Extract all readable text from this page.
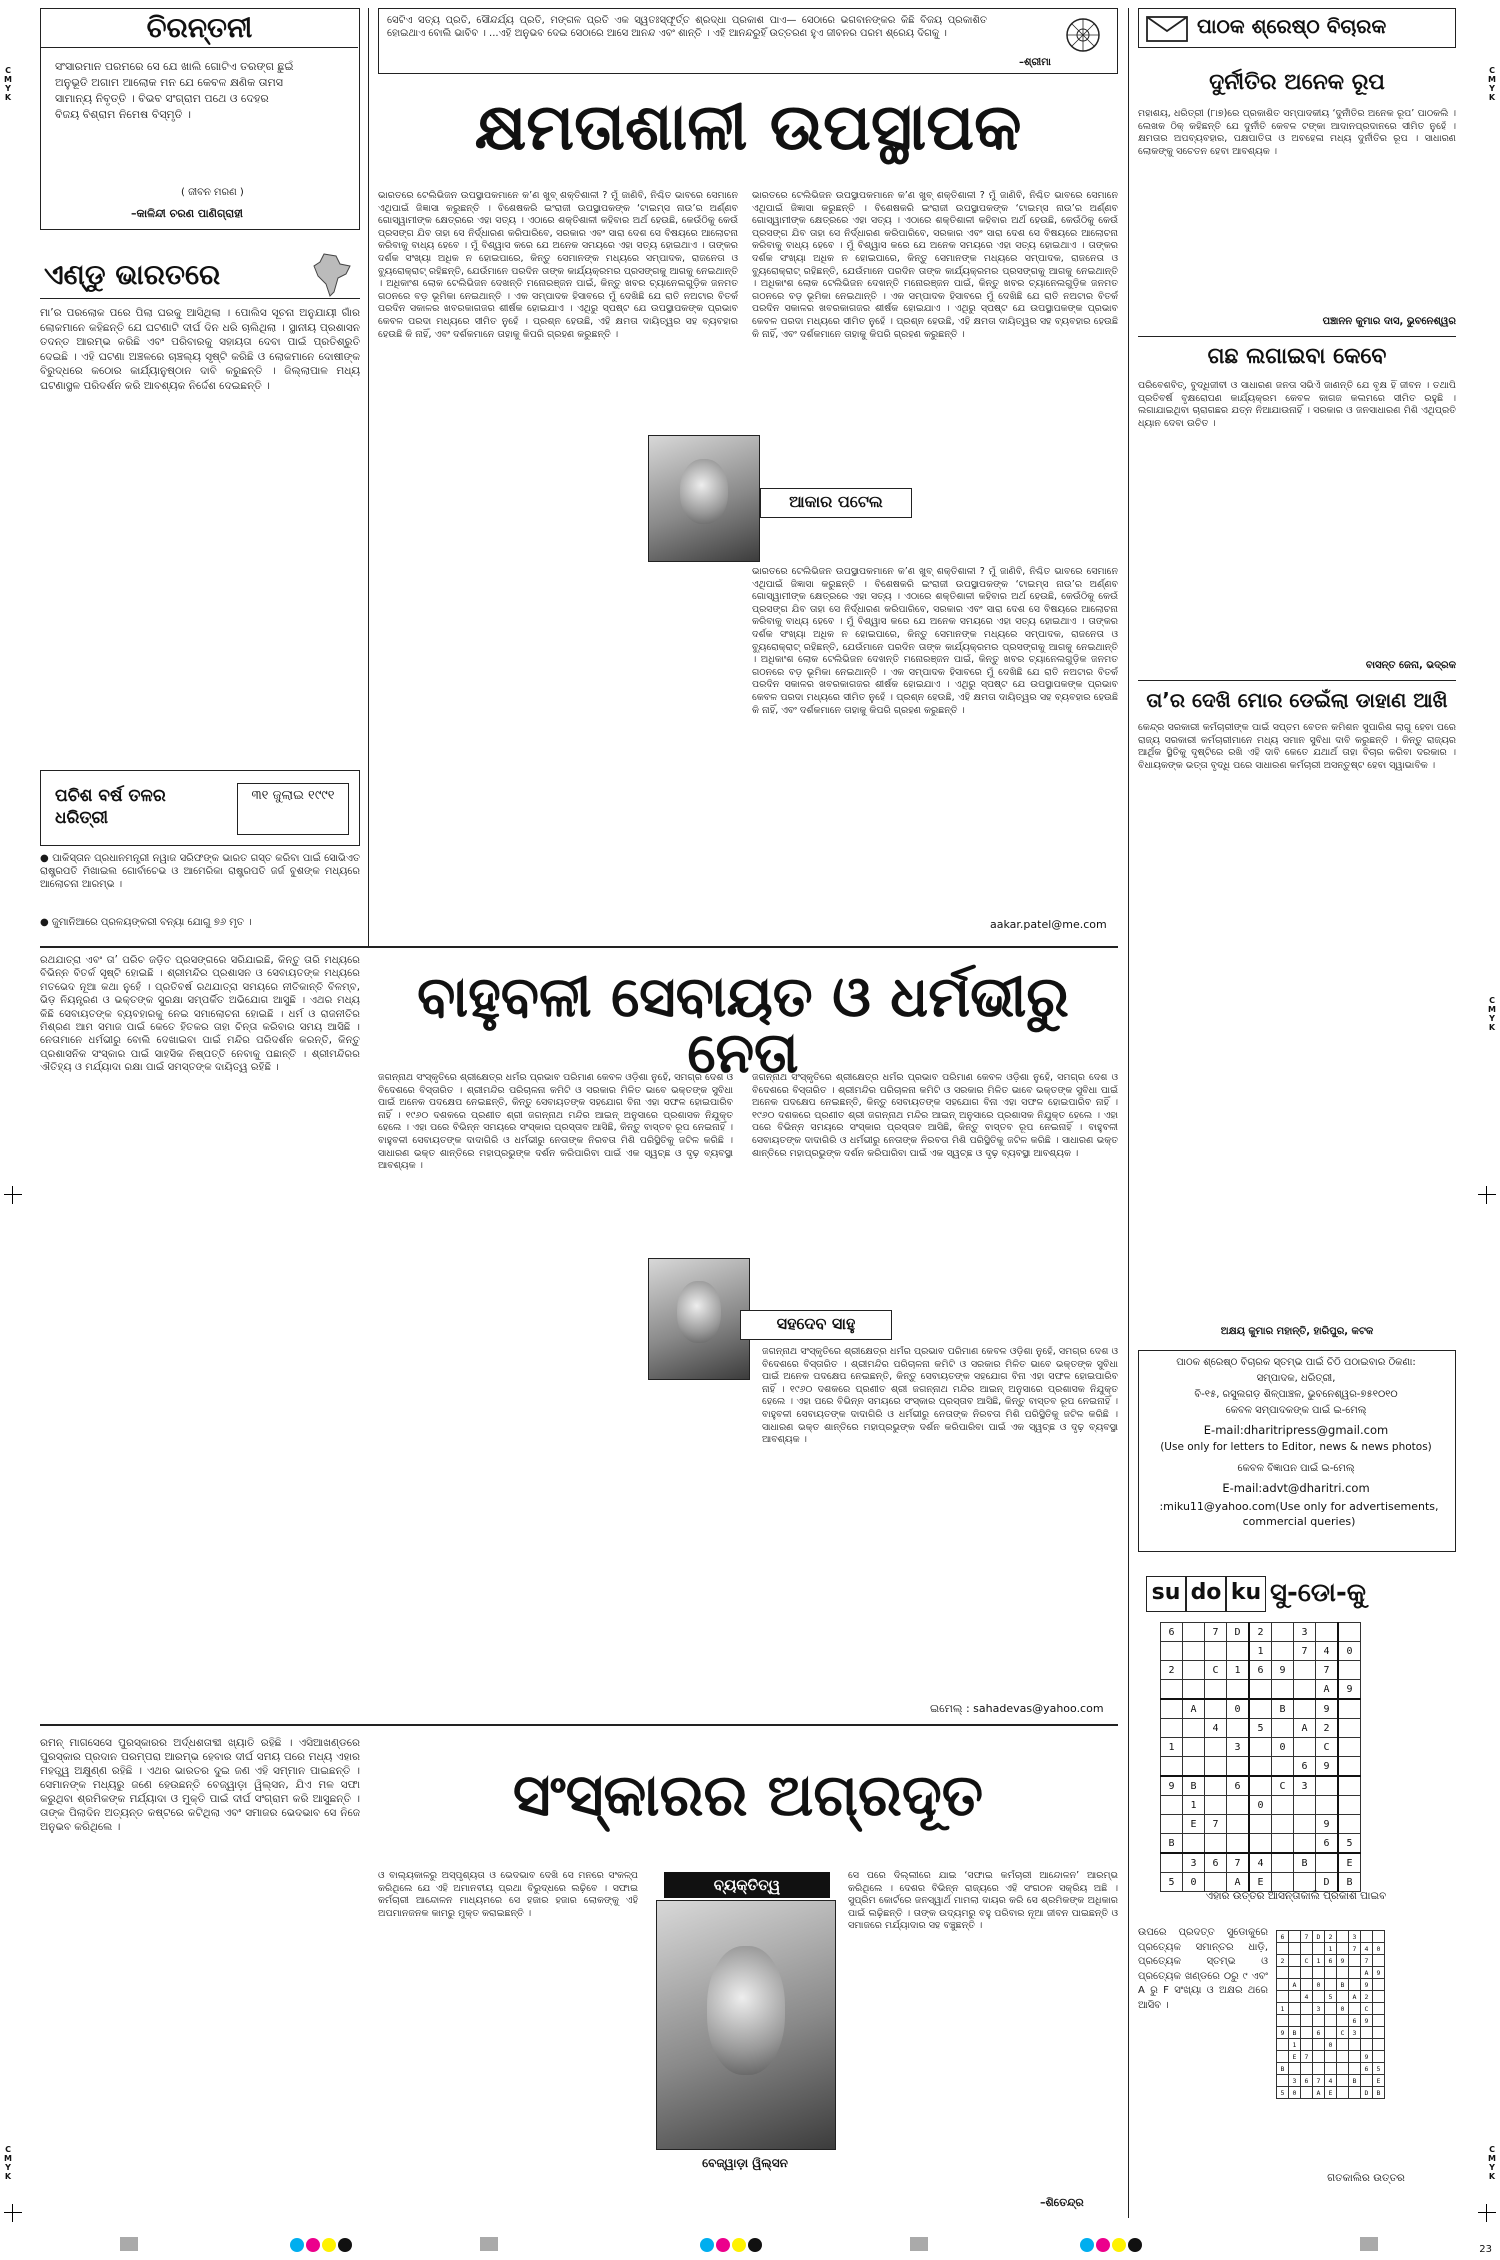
C
M
Y
K
C
M
Y
K
C
M
Y
K
C
M
Y
K
C
M
Y
K
23
ଚିରନ୍ତନୀ
ସଂସାରମାନ ପରମରେ ସେ ଯେ ଖାଲି ଗୋଟିଏ ତରଙ୍ଗ ଛୁଇଁ ଅନୁଭୂତି ଅଗାମ ଆଲୋକ ମନ ଯେ କେବଳ କ୍ଷଣିକ ତାମସ ସାମାନ୍ୟ ନିବୃତ୍ତି । ବିଭବ ସଂଗ୍ରାମ ପଥେ ଓ ଦେହର ବିଜୟ ବିଶ୍ରାମ ନିମେଷ ବିସ୍ମୃତି ।
( ଜୀବନ ମରଣ )
–କାଳିନ୍ଦୀ ଚରଣ ପାଣିଗ୍ରାହୀ
ସେଟିଏ ସତ୍ୟ ପ୍ରତି, ସୌନ୍ଦର୍ଯ୍ୟ ପ୍ରତି, ମଙ୍ଗଳ ପ୍ରତି ଏକ ସ୍ୱତଃସ୍ଫୂର୍ତ୍ତ ଶ୍ରଦ୍ଧା ପ୍ରକାଶ ପାଏ— ସେଠାରେ ଭଗବାନଙ୍କର କିଛି ବିଜୟ ପ୍ରକାଶିତ ହୋଇଥାଏ ବୋଲି ଭାବିବ । ...ଏହି ଅନୁଭବ ଦେଇ ସେଠାରେ ଆସେ ଆନନ୍ଦ ଏବଂ ଶାନ୍ତି । ଏହି ଆନନ୍ଦରୁହିଁ ଉତ୍ତରଣ ହୁଏ ଜୀବନର ପରମ ଶ୍ରେୟ ଦିଗକୁ ।
–ଶ୍ରୀମା
କ୍ଷମତାଶାଳୀ ଉପସ୍ଥାପକ
ଏଣ୍ଡୁ ଭାରତରେ
ମା’ର ପରଲୋକ ପରେ ପିଲା ଘରକୁ ଆସିଥିଲା । ପୋଲିସ ସୂଚନା ଅନୁଯାୟୀ ଗାଁର ଲୋକମାନେ କହିଛନ୍ତି ଯେ ଘଟଣାଟି ଦୀର୍ଘ ଦିନ ଧରି ଚାଲିଥିଲା । ସ୍ଥାନୀୟ ପ୍ରଶାସନ ତଦନ୍ତ ଆରମ୍ଭ କରିଛି ଏବଂ ପରିବାରକୁ ସହାୟତା ଦେବା ପାଇଁ ପ୍ରତିଶ୍ରୁତି ଦେଇଛି । ଏହି ଘଟଣା ଅଞ୍ଚଳରେ ଚାଞ୍ଚଲ୍ୟ ସୃଷ୍ଟି କରିଛି ଓ ଲୋକମାନେ ଦୋଷୀଙ୍କ ବିରୁଦ୍ଧରେ କଠୋର କାର୍ଯ୍ୟାନୁଷ୍ଠାନ ଦାବି କରୁଛନ୍ତି । ଜିଲ୍ଲାପାଳ ମଧ୍ୟ ଘଟଣାସ୍ଥଳ ପରିଦର୍ଶନ କରି ଆବଶ୍ୟକ ନିର୍ଦ୍ଦେଶ ଦେଇଛନ୍ତି ।
ପଚିଶ ବର୍ଷ ତଳର ଧରିତ୍ରୀ
୩୧ ଜୁଲାଇ ୧୯୯୧
● ପାକିସ୍ତାନ ପ୍ରଧାନମନ୍ତ୍ରୀ ନୱାଜ ସରିଫଙ୍କ ଭାରତ ଗସ୍ତ କରିବା ପାଇଁ ସୋଭିଏତ ରାଷ୍ଟ୍ରପତି ମିଖାଇଲ ଗୋର୍ବାଚେଭ ଓ ଆମେରିକା ରାଷ୍ଟ୍ରପତି ଜର୍ଜ ବୁଶଙ୍କ ମଧ୍ୟରେ ଆଲୋଚନା ଆରମ୍ଭ ।
● ଜୁମାନିଆରେ ପ୍ରଳୟଙ୍କରୀ ବନ୍ୟା ଯୋଗୁ ୭୬ ମୃତ ।
ଭାରତରେ ଟେଲିଭିଜନ ଉପସ୍ଥାପକମାନେ କ’ଣ ଖୁବ୍ ଶକ୍ତିଶାଳୀ ? ମୁଁ ଜାଣିବି, ନିଶ୍ଚିତ ଭାବରେ ସେମାନେ ଏଥିପାଇଁ ଜିଜ୍ଞାସା କରୁଛନ୍ତି । ବିଶେଷକରି ଇଂରାଜୀ ଉପସ୍ଥାପକଙ୍କ ‘ଟାଇମ୍ସ ନାଉ’ର ଅର୍ଣ୍ଣବ ଗୋସ୍ୱାମୀଙ୍କ କ୍ଷେତ୍ରରେ ଏହା ସତ୍ୟ । ଏଠାରେ ଶକ୍ତିଶାଳୀ କହିବାର ଅର୍ଥ ହେଉଛି, କେଉଁଠିକୁ କେଉଁ ପ୍ରସଙ୍ଗ ଯିବ ତାହା ସେ ନିର୍ଦ୍ଧାରଣ କରିପାରିବେ, ସରକାର ଏବଂ ସାରା ଦେଶ ସେ ବିଷୟରେ ଆଲୋଚନା କରିବାକୁ ବାଧ୍ୟ ହେବେ । ମୁଁ ବିଶ୍ୱାସ କରେ ଯେ ଅନେକ ସମୟରେ ଏହା ସତ୍ୟ ହୋଇଥାଏ । ତାଙ୍କର ଦର୍ଶକ ସଂଖ୍ୟା ଅଧିକ ନ ହୋଇପାରେ, କିନ୍ତୁ ସେମାନଙ୍କ ମଧ୍ୟରେ ସମ୍ପାଦକ, ରାଜନେତା ଓ ବ୍ୟୁରୋକ୍ରାଟ୍ ରହିଛନ୍ତି, ଯେଉଁମାନେ ପରଦିନ ତାଙ୍କ କାର୍ଯ୍ୟକ୍ରମର ପ୍ରସଙ୍ଗକୁ ଆଗକୁ ନେଇଥାନ୍ତି । ଅଧିକାଂଶ ଲୋକ ଟେଲିଭିଜନ ଦେଖନ୍ତି ମନୋରଞ୍ଜନ ପାଇଁ, କିନ୍ତୁ ଖବର ଚ୍ୟାନେଲଗୁଡ଼ିକ ଜନମତ ଗଠନରେ ବଡ଼ ଭୂମିକା ନେଇଥାନ୍ତି । ଏକ ସମ୍ପାଦକ ହିସାବରେ ମୁଁ ଦେଖିଛି ଯେ ରାତି ନଅଟାର ବିତର୍କ ପରଦିନ ସକାଳର ଖବରକାଗଜର ଶୀର୍ଷକ ହୋଇଯାଏ । ଏଥିରୁ ସ୍ପଷ୍ଟ ଯେ ଉପସ୍ଥାପକଙ୍କ ପ୍ରଭାବ କେବଳ ପରଦା ମଧ୍ୟରେ ସୀମିତ ନୁହେଁ । ପ୍ରଶ୍ନ ହେଉଛି, ଏହି କ୍ଷମତା ଦାୟିତ୍ୱର ସହ ବ୍ୟବହାର ହେଉଛି କି ନାହିଁ, ଏବଂ ଦର୍ଶକମାନେ ତାହାକୁ କିପରି ଗ୍ରହଣ କରୁଛନ୍ତି ।
ଭାରତରେ ଟେଲିଭିଜନ ଉପସ୍ଥାପକମାନେ କ’ଣ ଖୁବ୍ ଶକ୍ତିଶାଳୀ ? ମୁଁ ଜାଣିବି, ନିଶ୍ଚିତ ଭାବରେ ସେମାନେ ଏଥିପାଇଁ ଜିଜ୍ଞାସା କରୁଛନ୍ତି । ବିଶେଷକରି ଇଂରାଜୀ ଉପସ୍ଥାପକଙ୍କ ‘ଟାଇମ୍ସ ନାଉ’ର ଅର୍ଣ୍ଣବ ଗୋସ୍ୱାମୀଙ୍କ କ୍ଷେତ୍ରରେ ଏହା ସତ୍ୟ । ଏଠାରେ ଶକ୍ତିଶାଳୀ କହିବାର ଅର୍ଥ ହେଉଛି, କେଉଁଠିକୁ କେଉଁ ପ୍ରସଙ୍ଗ ଯିବ ତାହା ସେ ନିର୍ଦ୍ଧାରଣ କରିପାରିବେ, ସରକାର ଏବଂ ସାରା ଦେଶ ସେ ବିଷୟରେ ଆଲୋଚନା କରିବାକୁ ବାଧ୍ୟ ହେବେ । ମୁଁ ବିଶ୍ୱାସ କରେ ଯେ ଅନେକ ସମୟରେ ଏହା ସତ୍ୟ ହୋଇଥାଏ । ତାଙ୍କର ଦର୍ଶକ ସଂଖ୍ୟା ଅଧିକ ନ ହୋଇପାରେ, କିନ୍ତୁ ସେମାନଙ୍କ ମଧ୍ୟରେ ସମ୍ପାଦକ, ରାଜନେତା ଓ ବ୍ୟୁରୋକ୍ରାଟ୍ ରହିଛନ୍ତି, ଯେଉଁମାନେ ପରଦିନ ତାଙ୍କ କାର୍ଯ୍ୟକ୍ରମର ପ୍ରସଙ୍ଗକୁ ଆଗକୁ ନେଇଥାନ୍ତି । ଅଧିକାଂଶ ଲୋକ ଟେଲିଭିଜନ ଦେଖନ୍ତି ମନୋରଞ୍ଜନ ପାଇଁ, କିନ୍ତୁ ଖବର ଚ୍ୟାନେଲଗୁଡ଼ିକ ଜନମତ ଗଠନରେ ବଡ଼ ଭୂମିକା ନେଇଥାନ୍ତି । ଏକ ସମ୍ପାଦକ ହିସାବରେ ମୁଁ ଦେଖିଛି ଯେ ରାତି ନଅଟାର ବିତର୍କ ପରଦିନ ସକାଳର ଖବରକାଗଜର ଶୀର୍ଷକ ହୋଇଯାଏ । ଏଥିରୁ ସ୍ପଷ୍ଟ ଯେ ଉପସ୍ଥାପକଙ୍କ ପ୍ରଭାବ କେବଳ ପରଦା ମଧ୍ୟରେ ସୀମିତ ନୁହେଁ । ପ୍ରଶ୍ନ ହେଉଛି, ଏହି କ୍ଷମତା ଦାୟିତ୍ୱର ସହ ବ୍ୟବହାର ହେଉଛି କି ନାହିଁ, ଏବଂ ଦର୍ଶକମାନେ ତାହାକୁ କିପରି ଗ୍ରହଣ କରୁଛନ୍ତି ।
ଆକାର ପଟେଲ
ଭାରତରେ ଟେଲିଭିଜନ ଉପସ୍ଥାପକମାନେ କ’ଣ ଖୁବ୍ ଶକ୍ତିଶାଳୀ ? ମୁଁ ଜାଣିବି, ନିଶ୍ଚିତ ଭାବରେ ସେମାନେ ଏଥିପାଇଁ ଜିଜ୍ଞାସା କରୁଛନ୍ତି । ବିଶେଷକରି ଇଂରାଜୀ ଉପସ୍ଥାପକଙ୍କ ‘ଟାଇମ୍ସ ନାଉ’ର ଅର୍ଣ୍ଣବ ଗୋସ୍ୱାମୀଙ୍କ କ୍ଷେତ୍ରରେ ଏହା ସତ୍ୟ । ଏଠାରେ ଶକ୍ତିଶାଳୀ କହିବାର ଅର୍ଥ ହେଉଛି, କେଉଁଠିକୁ କେଉଁ ପ୍ରସଙ୍ଗ ଯିବ ତାହା ସେ ନିର୍ଦ୍ଧାରଣ କରିପାରିବେ, ସରକାର ଏବଂ ସାରା ଦେଶ ସେ ବିଷୟରେ ଆଲୋଚନା କରିବାକୁ ବାଧ୍ୟ ହେବେ । ମୁଁ ବିଶ୍ୱାସ କରେ ଯେ ଅନେକ ସମୟରେ ଏହା ସତ୍ୟ ହୋଇଥାଏ । ତାଙ୍କର ଦର୍ଶକ ସଂଖ୍ୟା ଅଧିକ ନ ହୋଇପାରେ, କିନ୍ତୁ ସେମାନଙ୍କ ମଧ୍ୟରେ ସମ୍ପାଦକ, ରାଜନେତା ଓ ବ୍ୟୁରୋକ୍ରାଟ୍ ରହିଛନ୍ତି, ଯେଉଁମାନେ ପରଦିନ ତାଙ୍କ କାର୍ଯ୍ୟକ୍ରମର ପ୍ରସଙ୍ଗକୁ ଆଗକୁ ନେଇଥାନ୍ତି । ଅଧିକାଂଶ ଲୋକ ଟେଲିଭିଜନ ଦେଖନ୍ତି ମନୋରଞ୍ଜନ ପାଇଁ, କିନ୍ତୁ ଖବର ଚ୍ୟାନେଲଗୁଡ଼ିକ ଜନମତ ଗଠନରେ ବଡ଼ ଭୂମିକା ନେଇଥାନ୍ତି । ଏକ ସମ୍ପାଦକ ହିସାବରେ ମୁଁ ଦେଖିଛି ଯେ ରାତି ନଅଟାର ବିତର୍କ ପରଦିନ ସକାଳର ଖବରକାଗଜର ଶୀର୍ଷକ ହୋଇଯାଏ । ଏଥିରୁ ସ୍ପଷ୍ଟ ଯେ ଉପସ୍ଥାପକଙ୍କ ପ୍ରଭାବ କେବଳ ପରଦା ମଧ୍ୟରେ ସୀମିତ ନୁହେଁ । ପ୍ରଶ୍ନ ହେଉଛି, ଏହି କ୍ଷମତା ଦାୟିତ୍ୱର ସହ ବ୍ୟବହାର ହେଉଛି କି ନାହିଁ, ଏବଂ ଦର୍ଶକମାନେ ତାହାକୁ କିପରି ଗ୍ରହଣ କରୁଛନ୍ତି ।
aakar.patel@me.com
ପାଠକ ଶ୍ରେଷ୍ଠ ବିଚାରକ
ଦୁର୍ନୀତିର ଅନେକ ରୂପ
ମହାଶୟ, ଧରିତ୍ରୀ (୮ା୭)ରେ ପ୍ରକାଶିତ ସମ୍ପାଦକୀୟ ‘ଦୁର୍ନୀତିର ଅନେକ ରୂପ’ ପାଠକଲି । ଲେଖକ ଠିକ୍ କହିଛନ୍ତି ଯେ ଦୁର୍ନୀତି କେବଳ ଟଙ୍କା ଆଦାନପ୍ରଦାନରେ ସୀମିତ ନୁହେଁ । କ୍ଷମତାର ଅପବ୍ୟବହାର, ପକ୍ଷପାତିତା ଓ ଅବହେଳା ମଧ୍ୟ ଦୁର୍ନୀତିର ରୂପ । ସାଧାରଣ ଲୋକଙ୍କୁ ସଚେତନ ହେବା ଆବଶ୍ୟକ ।
ପଞ୍ଚାନନ କୁମାର ଦାସ, ଭୁବନେଶ୍ୱର
ଗଛ ଲଗାଇବା କେବେ
ପରିବେଶବିତ୍, ବୁଦ୍ଧିଜୀବୀ ଓ ସାଧାରଣ ଜନତା ସଭିଏଁ ଜାଣନ୍ତି ଯେ ବୃକ୍ଷ ହିଁ ଜୀବନ । ତଥାପି ପ୍ରତିବର୍ଷ ବୃକ୍ଷରୋପଣ କାର୍ଯ୍ୟକ୍ରମ କେବଳ କାଗଜ କଲମରେ ସୀମିତ ରହୁଛି । ଲଗାଯାଇଥିବା ଚାରାଗଛର ଯତ୍ନ ନିଆଯାଉନାହିଁ । ସରକାର ଓ ଜନସାଧାରଣ ମିଶି ଏଥିପ୍ରତି ଧ୍ୟାନ ଦେବା ଉଚିତ ।
ବାସନ୍ତ ଜେନା, ଭଦ୍ରକ
ତା’ର ଦେଖି ମୋର ଡେଇଁଲା ଡାହାଣ ଆଖି
କେନ୍ଦ୍ର ସରକାରୀ କର୍ମଚାରୀଙ୍କ ପାଇଁ ସପ୍ତମ ବେତନ କମିଶନ ସୁପାରିଶ ଲାଗୁ ହେବା ପରେ ରାଜ୍ୟ ସରକାରୀ କର୍ମଚାରୀମାନେ ମଧ୍ୟ ସମାନ ସୁବିଧା ଦାବି କରୁଛନ୍ତି । କିନ୍ତୁ ରାଜ୍ୟର ଆର୍ଥିକ ସ୍ଥିତିକୁ ଦୃଷ୍ଟିରେ ରଖି ଏହି ଦାବି କେତେ ଯଥାର୍ଥ ତାହା ବିଚାର କରିବା ଦରକାର । ବିଧାୟକଙ୍କ ଭତ୍ତା ବୃଦ୍ଧି ପରେ ସାଧାରଣ କର୍ମଚାରୀ ଅସନ୍ତୁଷ୍ଟ ହେବା ସ୍ୱାଭାବିକ ।
ଅକ୍ଷୟ କୁମାର ମହାନ୍ତି, ହାରିପୁର, କଟକ
ପାଠକ ଶ୍ରେଷ୍ଠ ବିଚାରକ ସ୍ତମ୍ଭ ପାଇଁ ଚିଠି ପଠାଇବାର ଠିକଣା:
ସମ୍ପାଦକ, ଧରିତ୍ରୀ,
ବି-୧୫, ରସୁଲଗଡ଼ ଶିଳ୍ପାଞ୍ଚଳ, ଭୁବନେଶ୍ୱର-୭୫୧୦୧୦
କେବଳ ସମ୍ପାଦକଙ୍କ ପାଇଁ ଇ-ମେଲ୍
E-mail:dharitripress@gmail.com
(Use only for letters to Editor, news & news photos)
କେବଳ ବିଜ୍ଞାପନ ପାଇଁ ଇ-ମେଲ୍
E-mail:advt@dharitri.com
:miku11@yahoo.com(Use only for advertisements, commercial queries)
su do ku ସୁ-ଡୋ-କୁ
6		7	D	2		3		
				1		7	4	0
2		C	1	6	9		7	
							A	9
	A		0		B		9	
		4		5		A	2	
1			3		0		C	
						6	9	
9	B		6		C	3		
	1			0				
	E	7					9	
B							6	5
	3	6	7	4		B		E
5	0		A	E			D	B
ଏହାର ଉତ୍ତର ଆସନ୍ତାକାଲି ପ୍ରକାଶ ପାଇବ
ଉପରେ ପ୍ରଦତ୍ତ ସୁଡୋକୁରେ ପ୍ରତ୍ୟେକ ସମାନ୍ତର ଧାଡ଼ି, ପ୍ରତ୍ୟେକ ସ୍ତମ୍ଭ ଓ ପ୍ରତ୍ୟେକ ଖଣ୍ଡରେ ୦ରୁ ୯ ଏବଂ A ରୁ F ସଂଖ୍ୟା ଓ ଅକ୍ଷର ଥରେ ଆସିବ ।
6		7	D	2		3		
				1		7	4	0
2		C	1	6	9		7	
							A	9
	A		0		B		9	
		4		5		A	2	
1			3		0		C	
						6	9	
9	B		6		C	3		
	1			0				
	E	7					9	
B							6	5
	3	6	7	4		B		E
5	0		A	E			D	B
ଗତକାଲିର ଉତ୍ତର
ରଥଯାତ୍ରା ଏବଂ ତା’ ପରିଚ ଜଡ଼ିତ ପ୍ରସଙ୍ଗରେ ସରିଯାଇଛି, କିନ୍ତୁ ତାରି ମଧ୍ୟରେ ବିଭିନ୍ନ ବିତର୍କ ସୃଷ୍ଟି ହୋଇଛି । ଶ୍ରୀମନ୍ଦିର ପ୍ରଶାସନ ଓ ସେବାୟତଙ୍କ ମଧ୍ୟରେ ମତଭେଦ ନୂଆ କଥା ନୁହେଁ । ପ୍ରତିବର୍ଷ ରଥଯାତ୍ରା ସମୟରେ ନୀତିକାନ୍ତି ବିଳମ୍ବ, ଭିଡ଼ ନିୟନ୍ତ୍ରଣ ଓ ଭକ୍ତଙ୍କ ସୁରକ୍ଷା ସମ୍ପର୍କିତ ଅଭିଯୋଗ ଆସୁଛି । ଏଥର ମଧ୍ୟ କିଛି ସେବାୟତଙ୍କ ବ୍ୟବହାରକୁ ନେଇ ସମାଲୋଚନା ହୋଇଛି । ଧର୍ମ ଓ ରାଜନୀତିର ମିଶ୍ରଣ ଆମ ସମାଜ ପାଇଁ କେତେ ହିତକର ତାହା ଚିନ୍ତା କରିବାର ସମୟ ଆସିଛି । ନେତାମାନେ ଧର୍ମଭୀରୁ ବୋଲି ଦେଖାଇବା ପାଇଁ ମନ୍ଦିର ପରିଦର୍ଶନ କରନ୍ତି, କିନ୍ତୁ ପ୍ରଶାସନିକ ସଂସ୍କାର ପାଇଁ ସାହସିକ ନିଷ୍ପତ୍ତି ନେବାକୁ ପଛାନ୍ତି । ଶ୍ରୀମନ୍ଦିରର ଐତିହ୍ୟ ଓ ମର୍ଯ୍ୟାଦା ରକ୍ଷା ପାଇଁ ସମସ୍ତଙ୍କ ଦାୟିତ୍ୱ ରହିଛି ।
ବାହୁବଳୀ ସେବାୟତ ଓ ଧର୍ମଭୀରୁ ନେତା
ଜଗନ୍ନାଥ ସଂସ୍କୃତିରେ ଶ୍ରୀକ୍ଷେତ୍ର ଧର୍ମର ପ୍ରଭାବ ପରିମାଣ କେବଳ ଓଡ଼ିଶା ନୁହେଁ, ସମଗ୍ର ଦେଶ ଓ ବିଦେଶରେ ବିସ୍ତାରିତ । ଶ୍ରୀମନ୍ଦିର ପରିଚାଳନା କମିଟି ଓ ସରକାର ମିଳିତ ଭାବେ ଭକ୍ତଙ୍କ ସୁବିଧା ପାଇଁ ଅନେକ ପଦକ୍ଷେପ ନେଇଛନ୍ତି, କିନ୍ତୁ ସେବାୟତଙ୍କ ସହଯୋଗ ବିନା ଏହା ସଫଳ ହୋଇପାରିବ ନାହିଁ । ୧୯୬୦ ଦଶକରେ ପ୍ରଣୀତ ଶ୍ରୀ ଜଗନ୍ନାଥ ମନ୍ଦିର ଆଇନ୍ ଅନୁସାରେ ପ୍ରଶାସକ ନିଯୁକ୍ତ ହେଲେ । ଏହା ପରେ ବିଭିନ୍ନ ସମୟରେ ସଂସ୍କାର ପ୍ରସ୍ତାବ ଆସିଛି, କିନ୍ତୁ ବାସ୍ତବ ରୂପ ନେଇନାହିଁ । ବାହୁବଳୀ ସେବାୟତଙ୍କ ଦାଦାଗିରି ଓ ଧର୍ମଭୀରୁ ନେତାଙ୍କ ନିରବତା ମିଶି ପରିସ୍ଥିତିକୁ ଜଟିଳ କରିଛି । ସାଧାରଣ ଭକ୍ତ ଶାନ୍ତିରେ ମହାପ୍ରଭୁଙ୍କ ଦର୍ଶନ କରିପାରିବା ପାଇଁ ଏକ ସ୍ୱଚ୍ଛ ଓ ଦୃଢ଼ ବ୍ୟବସ୍ଥା ଆବଶ୍ୟକ ।
ସହଦେବ ସାହୁ
ଜଗନ୍ନାଥ ସଂସ୍କୃତିରେ ଶ୍ରୀକ୍ଷେତ୍ର ଧର୍ମର ପ୍ରଭାବ ପରିମାଣ କେବଳ ଓଡ଼ିଶା ନୁହେଁ, ସମଗ୍ର ଦେଶ ଓ ବିଦେଶରେ ବିସ୍ତାରିତ । ଶ୍ରୀମନ୍ଦିର ପରିଚାଳନା କମିଟି ଓ ସରକାର ମିଳିତ ଭାବେ ଭକ୍ତଙ୍କ ସୁବିଧା ପାଇଁ ଅନେକ ପଦକ୍ଷେପ ନେଇଛନ୍ତି, କିନ୍ତୁ ସେବାୟତଙ୍କ ସହଯୋଗ ବିନା ଏହା ସଫଳ ହୋଇପାରିବ ନାହିଁ । ୧୯୬୦ ଦଶକରେ ପ୍ରଣୀତ ଶ୍ରୀ ଜଗନ୍ନାଥ ମନ୍ଦିର ଆଇନ୍ ଅନୁସାରେ ପ୍ରଶାସକ ନିଯୁକ୍ତ ହେଲେ । ଏହା ପରେ ବିଭିନ୍ନ ସମୟରେ ସଂସ୍କାର ପ୍ରସ୍ତାବ ଆସିଛି, କିନ୍ତୁ ବାସ୍ତବ ରୂପ ନେଇନାହିଁ । ବାହୁବଳୀ ସେବାୟତଙ୍କ ଦାଦାଗିରି ଓ ଧର୍ମଭୀରୁ ନେତାଙ୍କ ନିରବତା ମିଶି ପରିସ୍ଥିତିକୁ ଜଟିଳ କରିଛି । ସାଧାରଣ ଭକ୍ତ ଶାନ୍ତିରେ ମହାପ୍ରଭୁଙ୍କ ଦର୍ଶନ କରିପାରିବା ପାଇଁ ଏକ ସ୍ୱଚ୍ଛ ଓ ଦୃଢ଼ ବ୍ୟବସ୍ଥା ଆବଶ୍ୟକ ।
ଜଗନ୍ନାଥ ସଂସ୍କୃତିରେ ଶ୍ରୀକ୍ଷେତ୍ର ଧର୍ମର ପ୍ରଭାବ ପରିମାଣ କେବଳ ଓଡ଼ିଶା ନୁହେଁ, ସମଗ୍ର ଦେଶ ଓ ବିଦେଶରେ ବିସ୍ତାରିତ । ଶ୍ରୀମନ୍ଦିର ପରିଚାଳନା କମିଟି ଓ ସରକାର ମିଳିତ ଭାବେ ଭକ୍ତଙ୍କ ସୁବିଧା ପାଇଁ ଅନେକ ପଦକ୍ଷେପ ନେଇଛନ୍ତି, କିନ୍ତୁ ସେବାୟତଙ୍କ ସହଯୋଗ ବିନା ଏହା ସଫଳ ହୋଇପାରିବ ନାହିଁ । ୧୯୬୦ ଦଶକରେ ପ୍ରଣୀତ ଶ୍ରୀ ଜଗନ୍ନାଥ ମନ୍ଦିର ଆଇନ୍ ଅନୁସାରେ ପ୍ରଶାସକ ନିଯୁକ୍ତ ହେଲେ । ଏହା ପରେ ବିଭିନ୍ନ ସମୟରେ ସଂସ୍କାର ପ୍ରସ୍ତାବ ଆସିଛି, କିନ୍ତୁ ବାସ୍ତବ ରୂପ ନେଇନାହିଁ । ବାହୁବଳୀ ସେବାୟତଙ୍କ ଦାଦାଗିରି ଓ ଧର୍ମଭୀରୁ ନେତାଙ୍କ ନିରବତା ମିଶି ପରିସ୍ଥିତିକୁ ଜଟିଳ କରିଛି । ସାଧାରଣ ଭକ୍ତ ଶାନ୍ତିରେ ମହାପ୍ରଭୁଙ୍କ ଦର୍ଶନ କରିପାରିବା ପାଇଁ ଏକ ସ୍ୱଚ୍ଛ ଓ ଦୃଢ଼ ବ୍ୟବସ୍ଥା ଆବଶ୍ୟକ ।
ଇମେଲ୍ : sahadevas@yahoo.com
ରମନ୍ ମାଗସେସେ ପୁରସ୍କାରର ଅର୍ଦ୍ଧଶତାବ୍ଦୀ ଖ୍ୟାତି ରହିଛି । ଏସିଆଖଣ୍ଡରେ ପୁରସ୍କାର ପ୍ରଦାନ ପରମ୍ପରା ଆରମ୍ଭ ହେବାର ଦୀର୍ଘ ସମୟ ପରେ ମଧ୍ୟ ଏହାର ମହତ୍ତ୍ୱ ଅକ୍ଷୁଣ୍ଣ ରହିଛି । ଏଥର ଭାରତର ଦୁଇ ଜଣ ଏହି ସମ୍ମାନ ପାଇଛନ୍ତି । ସେମାନଙ୍କ ମଧ୍ୟରୁ ଜଣେ ହେଉଛନ୍ତି ବେଜ୍‌ୱାଡ଼ା ୱିଲ୍‌ସନ, ଯିଏ ମଳ ସଫା କରୁଥିବା ଶ୍ରମିକଙ୍କ ମର୍ଯ୍ୟାଦା ଓ ମୁକ୍ତି ପାଇଁ ଦୀର୍ଘ ସଂଗ୍ରାମ କରି ଆସୁଛନ୍ତି । ତାଙ୍କ ପିଲାଦିନ ଅତ୍ୟନ୍ତ କଷ୍ଟରେ କଟିଥିଲା ଏବଂ ସମାଜର ଭେଦଭାବ ସେ ନିଜେ ଅନୁଭବ କରିଥିଲେ ।	ସଂସ୍କାରର ଅଗ୍ରଦୂତ
ଓ ବାଲ୍ୟକାଳରୁ ଅସ୍ପୃଶ୍ୟତା ଓ ଭେଦଭାବ ଦେଖି ସେ ମନରେ ସଂକଳ୍ପ କରିଥିଲେ ଯେ ଏହି ଅମାନବୀୟ ପ୍ରଥା ବିରୁଦ୍ଧରେ ଲଢ଼ିବେ । ସଫାଇ କର୍ମଚାରୀ ଆନ୍ଦୋଳନ ମାଧ୍ୟମରେ ସେ ହଜାର ହଜାର ଲୋକଙ୍କୁ ଏହି ଅପମାନଜନକ କାମରୁ ମୁକ୍ତ କରାଇଛନ୍ତି ।
ବ୍ୟକ୍ତିତ୍ୱ
ବେଜ୍‌ୱାଡ଼ା ୱିଲ୍‌ସନ
ସେ ପରେ ଦିଲ୍ଲୀରେ ଯାଇ ‘ସଫାଇ କର୍ମଚାରୀ ଆନ୍ଦୋଳନ’ ଆରମ୍ଭ କରିଥିଲେ । ଦେଶର ବିଭିନ୍ନ ରାଜ୍ୟରେ ଏହି ସଂଗଠନ ସକ୍ରିୟ ଅଛି । ସୁପ୍ରିମ କୋର୍ଟରେ ଜନସ୍ୱାର୍ଥ ମାମଲା ଦାୟର କରି ସେ ଶ୍ରମିକଙ୍କ ଅଧିକାର ପାଇଁ ଲଢ଼ିଛନ୍ତି । ତାଙ୍କ ଉଦ୍ୟମରୁ ବହୁ ପରିବାର ନୂଆ ଜୀବନ ପାଇଛନ୍ତି ଓ ସମାଜରେ ମର୍ଯ୍ୟାଦାର ସହ ବଞ୍ଚୁଛନ୍ତି ।
–ଶିତେନ୍ଦ୍ର
